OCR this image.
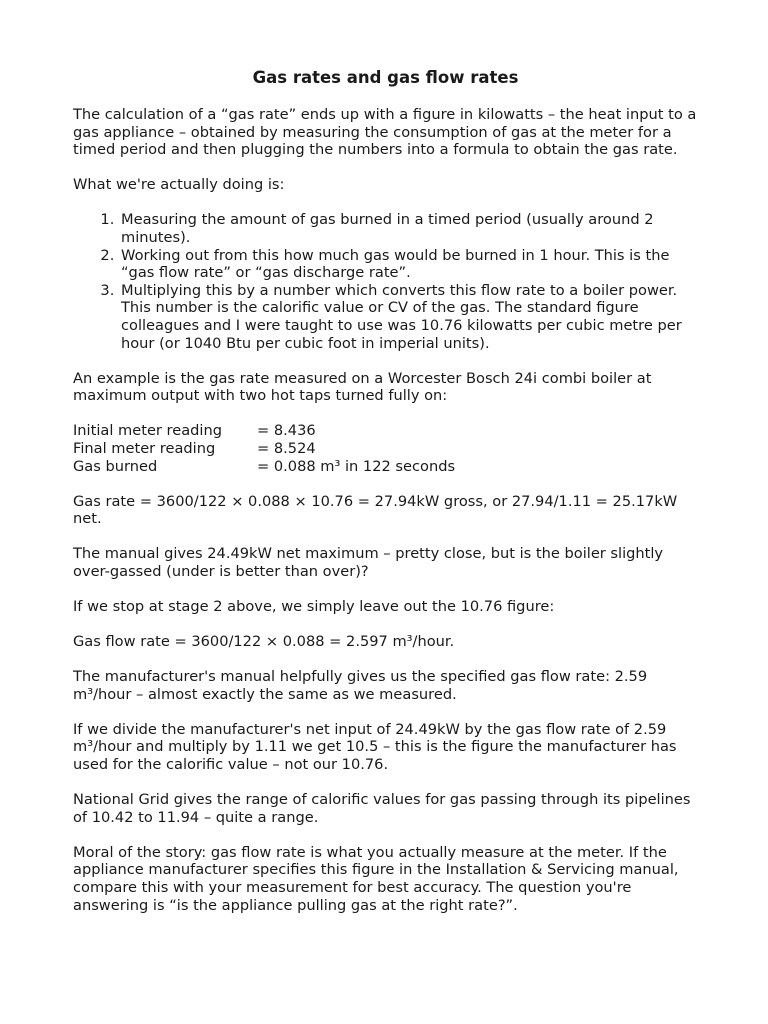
Gas rates and gas flow rates

The calculation of a “gas rate” ends up with a figure in kilowatts – the heat input to a gas appliance – obtained by measuring the consumption of gas at the meter for a timed period and then plugging the numbers into a formula to obtain the gas rate.

What we're actually doing is:

1. Measuring the amount of gas burned in a timed period (usually around 2 minutes).
2. Working out from this how much gas would be burned in 1 hour. This is the “gas flow rate” or “gas discharge rate”.
3. Multiplying this by a number which converts this flow rate to a boiler power. This number is the calorific value or CV of the gas. The standard figure colleagues and I were taught to use was 10.76 kilowatts per cubic metre per hour (or 1040 Btu per cubic foot in imperial units).

An example is the gas rate measured on a Worcester Bosch 24i combi boiler at maximum output with two hot taps turned fully on:

Initial meter reading	= 8.436
Final meter reading	= 8.524
Gas burned	= 0.088 m³ in 122 seconds

Gas rate = 3600/122 × 0.088 × 10.76 = 27.94kW gross, or 27.94/1.11 = 25.17kW net.

The manual gives 24.49kW net maximum – pretty close, but is the boiler slightly over-gassed (under is better than over)?

If we stop at stage 2 above, we simply leave out the 10.76 figure:

Gas flow rate = 3600/122 × 0.088 = 2.597 m³/hour.

The manufacturer's manual helpfully gives us the specified gas flow rate: 2.59 m³/hour – almost exactly the same as we measured.

If we divide the manufacturer's net input of 24.49kW by the gas flow rate of 2.59 m³/hour and multiply by 1.11 we get 10.5 – this is the figure the manufacturer has used for the calorific value – not our 10.76.

National Grid gives the range of calorific values for gas passing through its pipelines of 10.42 to 11.94 – quite a range.

Moral of the story: gas flow rate is what you actually measure at the meter. If the appliance manufacturer specifies this figure in the Installation & Servicing manual, compare this with your measurement for best accuracy. The question you're answering is “is the appliance pulling gas at the right rate?”.
